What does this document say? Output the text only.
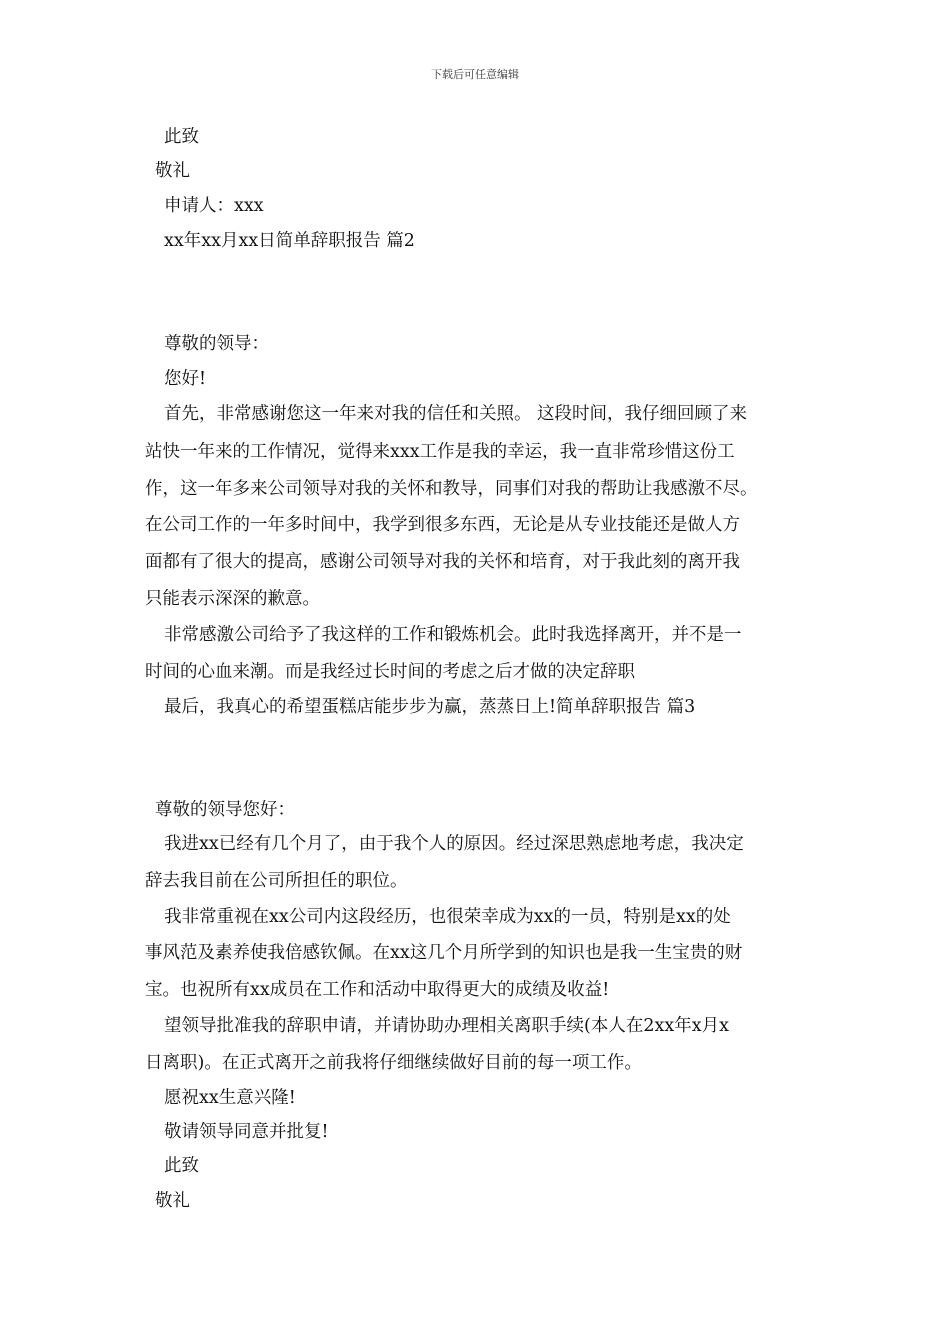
下载后可任意编辑
此致
敬礼
申请人：xxx
xx年xx月xx日简单辞职报告 篇2
尊敬的领导：
您好!
首先，非常感谢您这一年来对我的信任和关照。 这段时间，我仔细回顾了来
站快一年来的工作情况，觉得来xxx工作是我的幸运，我一直非常珍惜这份工
作，这一年多来公司领导对我的关怀和教导，同事们对我的帮助让我感激不尽。
在公司工作的一年多时间中，我学到很多东西，无论是从专业技能还是做人方
面都有了很大的提高，感谢公司领导对我的关怀和培育，对于我此刻的离开我
只能表示深深的歉意。
非常感激公司给予了我这样的工作和锻炼机会。此时我选择离开，并不是一
时间的心血来潮。而是我经过长时间的考虑之后才做的决定辞职
最后，我真心的希望蛋糕店能步步为赢，蒸蒸日上!简单辞职报告 篇3
尊敬的领导您好：
我进xx已经有几个月了，由于我个人的原因。经过深思熟虑地考虑，我决定
辞去我目前在公司所担任的职位。
我非常重视在xx公司内这段经历，也很荣幸成为xx的一员，特别是xx的处
事风范及素养使我倍感钦佩。在xx这几个月所学到的知识也是我一生宝贵的财
宝。也祝所有xx成员在工作和活动中取得更大的成绩及收益!
望领导批准我的辞职申请，并请协助办理相关离职手续(本人在2xx年x月x
日离职)。在正式离开之前我将仔细继续做好目前的每一项工作。
愿祝xx生意兴隆!
敬请领导同意并批复!
此致
敬礼
